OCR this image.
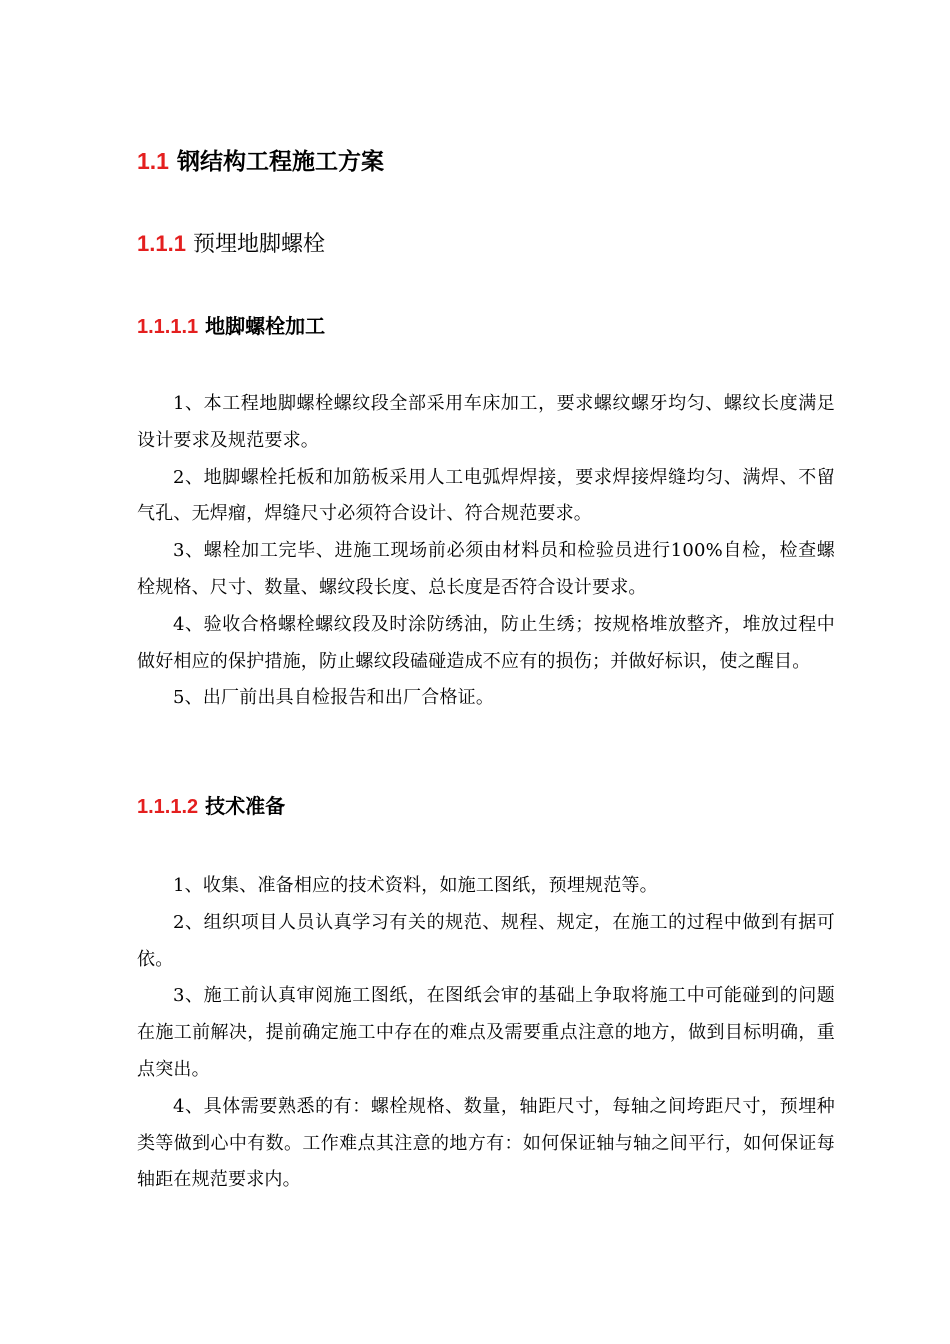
1.1 钢结构工程施工方案
1.1.1 预埋地脚螺栓
1.1.1.1 地脚螺栓加工

1、本工程地脚螺栓螺纹段全部采用车床加工，要求螺纹螺牙均匀、螺纹长度满足设计要求及规范要求。

2、地脚螺栓托板和加筋板采用人工电弧焊焊接，要求焊接焊缝均匀、满焊、不留气孔、无焊瘤，焊缝尺寸必须符合设计、符合规范要求。

3、螺栓加工完毕、进施工现场前必须由材料员和检验员进行100%自检，检查螺栓规格、尺寸、数量、螺纹段长度、总长度是否符合设计要求。

4、验收合格螺栓螺纹段及时涂防绣油，防止生绣；按规格堆放整齐，堆放过程中做好相应的保护措施，防止螺纹段磕碰造成不应有的损伤；并做好标识，使之醒目。

5、出厂前出具自检报告和出厂合格证。

1.1.1.2 技术准备

1、收集、准备相应的技术资料，如施工图纸，预埋规范等。

2、组织项目人员认真学习有关的规范、规程、规定，在施工的过程中做到有据可依。

3、施工前认真审阅施工图纸，在图纸会审的基础上争取将施工中可能碰到的问题在施工前解决，提前确定施工中存在的难点及需要重点注意的地方，做到目标明确，重点突出。

4、具体需要熟悉的有：螺栓规格、数量，轴距尺寸，每轴之间垮距尺寸，预埋种类等做到心中有数。工作难点其注意的地方有：如何保证轴与轴之间平行，如何保证每轴距在规范要求内。
